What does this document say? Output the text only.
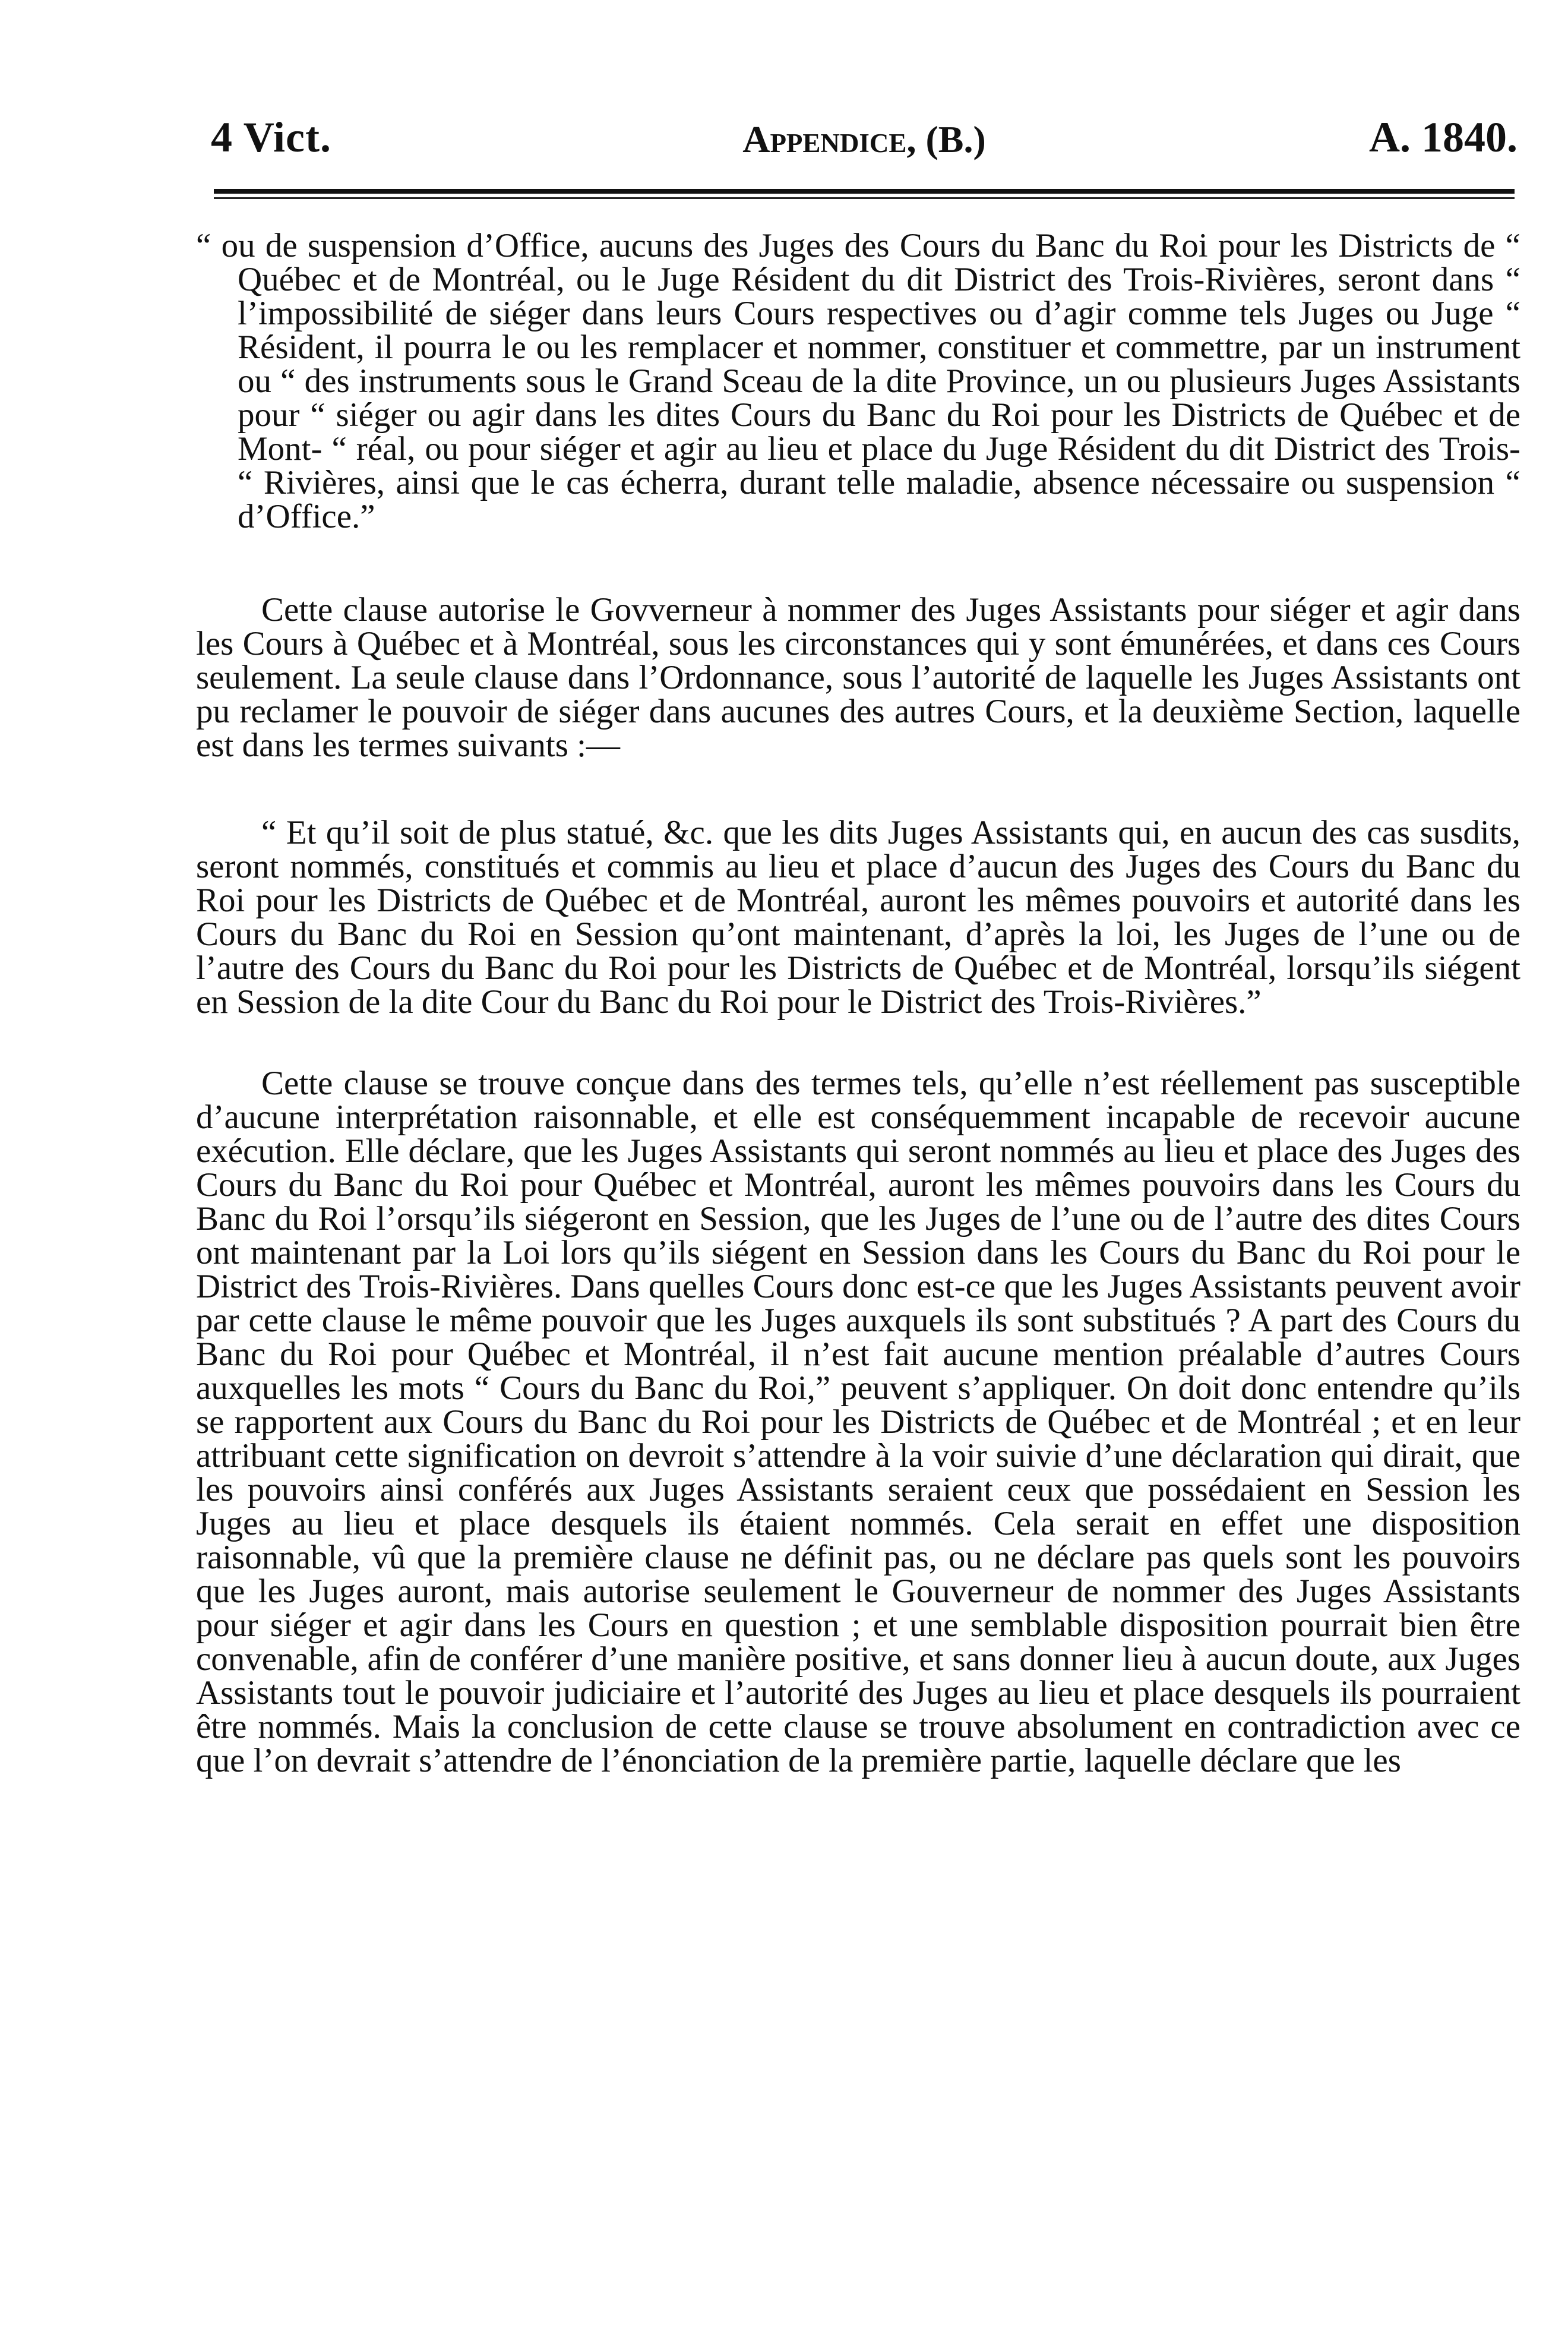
4 Vict.	Appendice, (B.)	A. 1840.

“ ou de suspension d’Office, aucuns des Juges des Cours du Banc du Roi pour les Districts de “ Québec et de Montréal, ou le Juge Résident du dit District des Trois-Rivières, seront dans “ l’impossibilité de siéger dans leurs Cours respectives ou d’agir comme tels Juges ou Juge “ Résident, il pourra le ou les remplacer et nommer, constituer et commettre, par un instrument ou “ des instruments sous le Grand Sceau de la dite Province, un ou plusieurs Juges Assistants pour “ siéger ou agir dans les dites Cours du Banc du Roi pour les Districts de Québec et de Mont- “ réal, ou pour siéger et agir au lieu et place du Juge Résident du dit District des Trois- “ Rivières, ainsi que le cas écherra, durant telle maladie, absence nécessaire ou suspension “ d’Office.”

Cette clause autorise le Govverneur à nommer des Juges Assistants pour siéger et agir dans les Cours à Québec et à Montréal, sous les circonstances qui y sont émunérées, et dans ces Cours seulement. La seule clause dans l’Ordonnance, sous l’autorité de laquelle les Juges Assistants ont pu reclamer le pouvoir de siéger dans aucunes des autres Cours, et la deuxième Section, laquelle est dans les termes suivants :—

“ Et qu’il soit de plus statué, &c. que les dits Juges Assistants qui, en aucun des cas susdits, seront nommés, constitués et commis au lieu et place d’aucun des Juges des Cours du Banc du Roi pour les Districts de Québec et de Montréal, auront les mêmes pouvoirs et autorité dans les Cours du Banc du Roi en Session qu’ont maintenant, d’après la loi, les Juges de l’une ou de l’autre des Cours du Banc du Roi pour les Districts de Québec et de Montréal, lorsqu’ils siégent en Session de la dite Cour du Banc du Roi pour le District des Trois-Rivières.”

Cette clause se trouve conçue dans des termes tels, qu’elle n’est réellement pas susceptible d’aucune interprétation raisonnable, et elle est conséquemment incapable de recevoir aucune exécution. Elle déclare, que les Juges Assistants qui seront nommés au lieu et place des Juges des Cours du Banc du Roi pour Québec et Montréal, auront les mêmes pouvoirs dans les Cours du Banc du Roi l’orsqu’ils siégeront en Session, que les Juges de l’une ou de l’autre des dites Cours ont maintenant par la Loi lors qu’ils siégent en Session dans les Cours du Banc du Roi pour le District des Trois-Rivières. Dans quelles Cours donc est-ce que les Juges Assistants peuvent avoir par cette clause le même pouvoir que les Juges auxquels ils sont substitués ? A part des Cours du Banc du Roi pour Québec et Montréal, il n’est fait aucune mention préalable d’autres Cours auxquelles les mots “ Cours du Banc du Roi,” peuvent s’appliquer. On doit donc entendre qu’ils se rapportent aux Cours du Banc du Roi pour les Districts de Québec et de Montréal ; et en leur attribuant cette signification on devroit s’attendre à la voir suivie d’une déclaration qui dirait, que les pouvoirs ainsi conférés aux Juges Assistants seraient ceux que possédaient en Session les Juges au lieu et place desquels ils étaient nommés. Cela serait en effet une disposition raisonnable, vû que la première clause ne définit pas, ou ne déclare pas quels sont les pouvoirs que les Juges auront, mais autorise seulement le Gouverneur de nommer des Juges Assistants pour siéger et agir dans les Cours en question ; et une semblable disposition pourrait bien être convenable, afin de conférer d’une manière positive, et sans donner lieu à aucun doute, aux Juges Assistants tout le pouvoir judiciaire et l’autorité des Juges au lieu et place desquels ils pourraient être nommés. Mais la conclusion de cette clause se trouve absolument en contradiction avec ce que l’on devrait s’attendre de l’énonciation de la première partie, laquelle déclare que les
